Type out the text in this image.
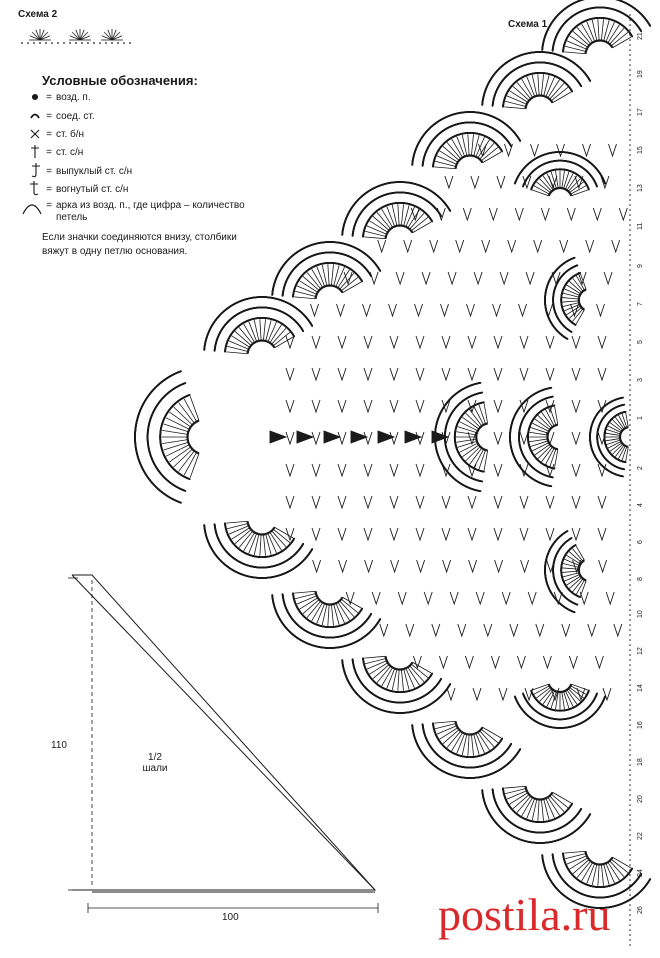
Схема 2
Схема 1
Условные обозначения:
= возд. п.
= соед. ст.
= ст. б/н
= ст. с/н
= выпуклый ст. с/н
= вогнутый ст. с/н
= арка из возд. п., где цифра – количество петель
Если значки соединяются внизу, столбики вяжут в одну петлю основания.
21
19
17
15
13
11
9
7
5
3
1
2
4
6
8
10
12
14
16
18
20
22
24
26
1/2
шали
110
100	postila.ru
